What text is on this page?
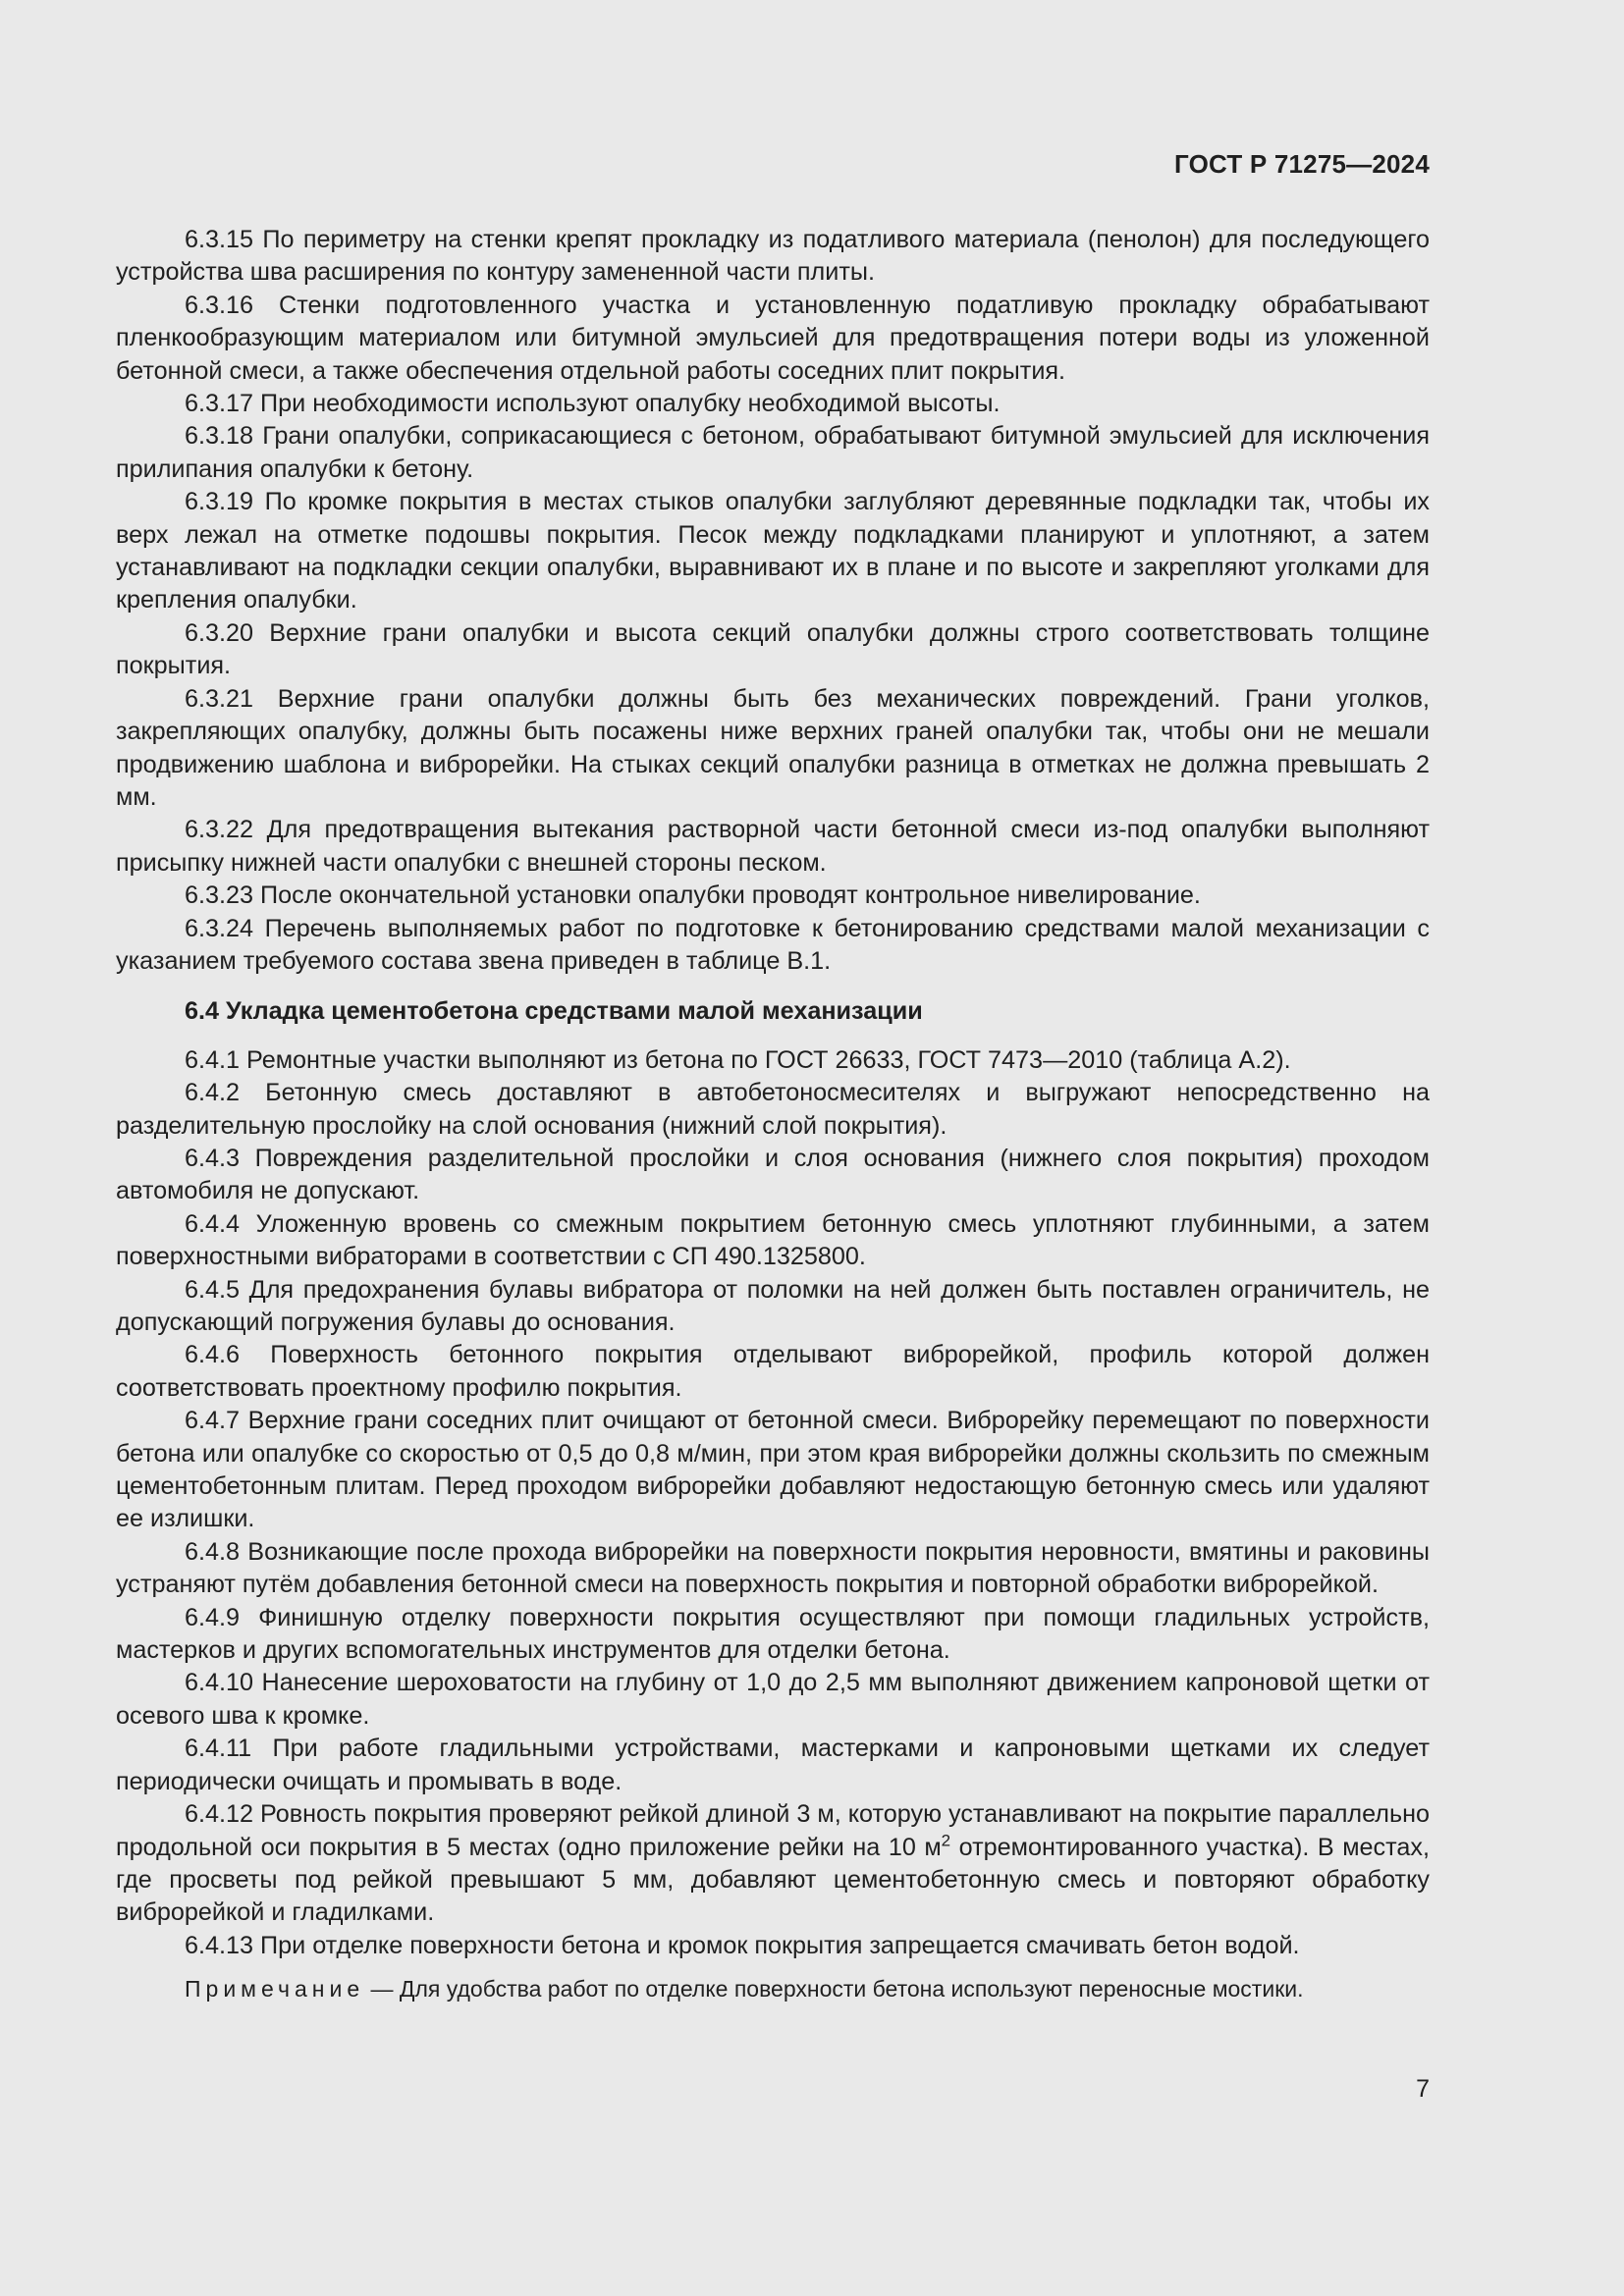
ГОСТ Р 71275—2024

6.3.15 По периметру на стенки крепят прокладку из податливого материала (пенолон) для последующего устройства шва расширения по контуру замененной части плиты.

6.3.16 Стенки подготовленного участка и установленную податливую прокладку обрабатывают пленкообразующим материалом или битумной эмульсией для предотвращения потери воды из уложенной бетонной смеси, а также обеспечения отдельной работы соседних плит покрытия.

6.3.17 При необходимости используют опалубку необходимой высоты.

6.3.18 Грани опалубки, соприкасающиеся с бетоном, обрабатывают битумной эмульсией для исключения прилипания опалубки к бетону.

6.3.19 По кромке покрытия в местах стыков опалубки заглубляют деревянные подкладки так, чтобы их верх лежал на отметке подошвы покрытия. Песок между подкладками планируют и уплотняют, а затем устанавливают на подкладки секции опалубки, выравнивают их в плане и по высоте и закрепляют уголками для крепления опалубки.

6.3.20 Верхние грани опалубки и высота секций опалубки должны строго соответствовать толщине покрытия.

6.3.21 Верхние грани опалубки должны быть без механических повреждений. Грани уголков, закрепляющих опалубку, должны быть посажены ниже верхних граней опалубки так, чтобы они не мешали продвижению шаблона и виброрейки. На стыках секций опалубки разница в отметках не должна превышать 2 мм.

6.3.22 Для предотвращения вытекания растворной части бетонной смеси из-под опалубки выполняют присыпку нижней части опалубки с внешней стороны песком.

6.3.23 После окончательной установки опалубки проводят контрольное нивелирование.

6.3.24 Перечень выполняемых работ по подготовке к бетонированию средствами малой механизации с указанием требуемого состава звена приведен в таблице В.1.

6.4 Укладка цементобетона средствами малой механизации

6.4.1 Ремонтные участки выполняют из бетона по ГОСТ 26633, ГОСТ 7473—2010 (таблица А.2).

6.4.2 Бетонную смесь доставляют в автобетоносмесителях и выгружают непосредственно на разделительную прослойку на слой основания (нижний слой покрытия).

6.4.3 Повреждения разделительной прослойки и слоя основания (нижнего слоя покрытия) проходом автомобиля не допускают.

6.4.4 Уложенную вровень со смежным покрытием бетонную смесь уплотняют глубинными, а затем поверхностными вибраторами в соответствии с СП 490.1325800.

6.4.5 Для предохранения булавы вибратора от поломки на ней должен быть поставлен ограничитель, не допускающий погружения булавы до основания.

6.4.6 Поверхность бетонного покрытия отделывают виброрейкой, профиль которой должен соответствовать проектному профилю покрытия.

6.4.7 Верхние грани соседних плит очищают от бетонной смеси. Виброрейку перемещают по поверхности бетона или опалубке со скоростью от 0,5 до 0,8 м/мин, при этом края виброрейки должны скользить по смежным цементобетонным плитам. Перед проходом виброрейки добавляют недостающую бетонную смесь или удаляют ее излишки.

6.4.8 Возникающие после прохода виброрейки на поверхности покрытия неровности, вмятины и раковины устраняют путём добавления бетонной смеси на поверхность покрытия и повторной обработки виброрейкой.

6.4.9 Финишную отделку поверхности покрытия осуществляют при помощи гладильных устройств, мастерков и других вспомогательных инструментов для отделки бетона.

6.4.10 Нанесение шероховатости на глубину от 1,0 до 2,5 мм выполняют движением капроновой щетки от осевого шва к кромке.

6.4.11 При работе гладильными устройствами, мастерками и капроновыми щетками их следует периодически очищать и промывать в воде.

6.4.12 Ровность покрытия проверяют рейкой длиной 3 м, которую устанавливают на покрытие параллельно продольной оси покрытия в 5 местах (одно приложение рейки на 10 $м^2$ отремонтированного участка). В местах, где просветы под рейкой превышают 5 мм, добавляют цементобетонную смесь и повторяют обработку виброрейкой и гладилками.

6.4.13 При отделке поверхности бетона и кромок покрытия запрещается смачивать бетон водой.

Примечание — Для удобства работ по отделке поверхности бетона используют переносные мостики.

7
